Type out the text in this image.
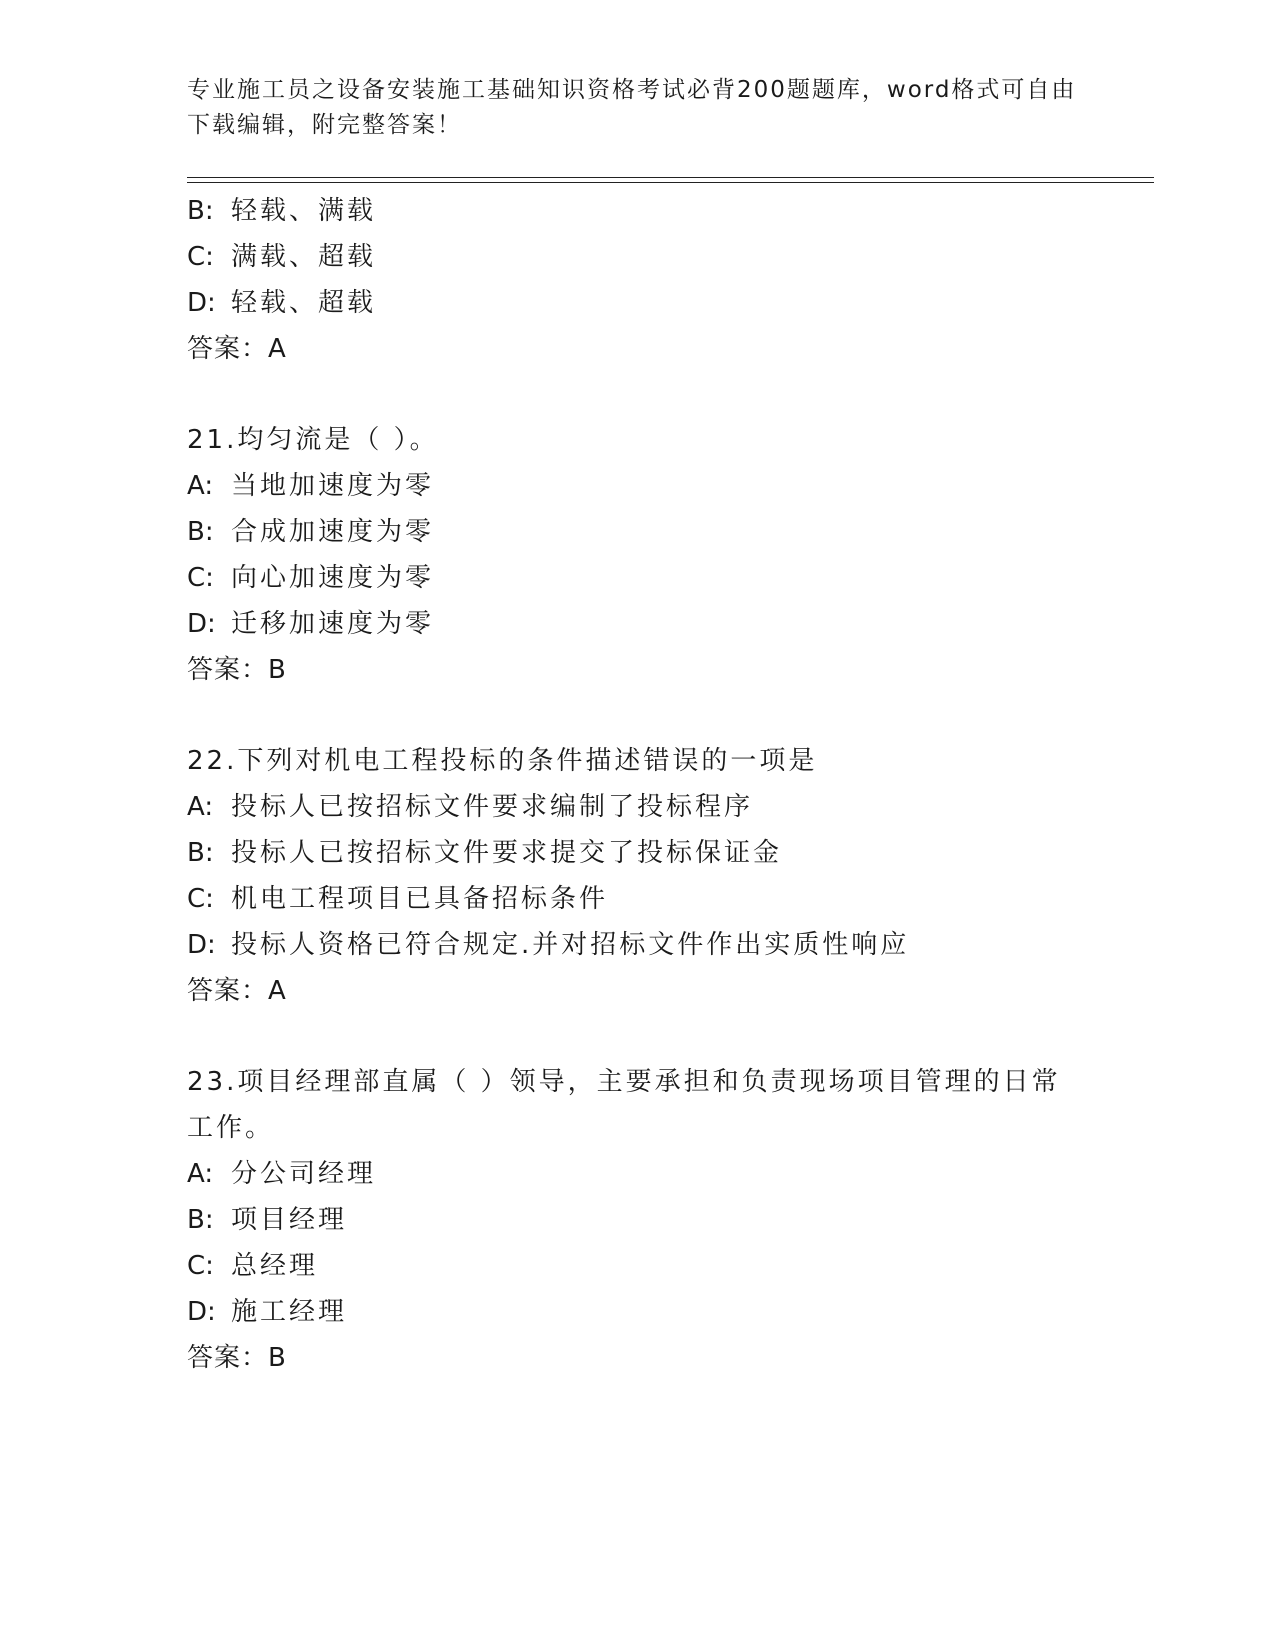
专业施工员之设备安装施工基础知识资格考试必背200题题库，word格式可自由
下载编辑，附完整答案！
B: 轻载、满载
C: 满载、超载
D: 轻载、超载
答案：A
21.均匀流是（ ）。
A: 当地加速度为零
B: 合成加速度为零
C: 向心加速度为零
D: 迁移加速度为零
答案：B
22.下列对机电工程投标的条件描述错误的一项是
A: 投标人已按招标文件要求编制了投标程序
B: 投标人已按招标文件要求提交了投标保证金
C: 机电工程项目已具备招标条件
D: 投标人资格已符合规定.并对招标文件作出实质性响应
答案：A
23.项目经理部直属（ ）领导，主要承担和负责现场项目管理的日常
工作。
A: 分公司经理
B: 项目经理
C: 总经理
D: 施工经理
答案：B
